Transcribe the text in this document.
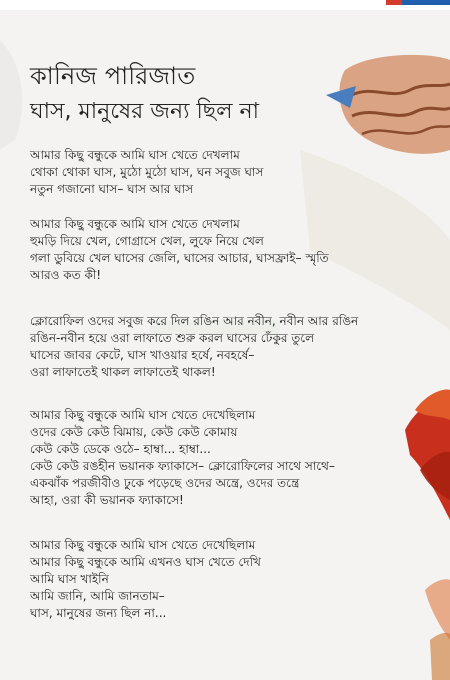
কানিজ পারিজাত
ঘাস, মানুষের জন্য ছিল না
আমার কিছু বন্ধুকে আমি ঘাস খেতে দেখলাম
থোকা থোকা ঘাস, মুঠো মুঠো ঘাস, ঘন সবুজ ঘাস
নতুন গজানো ঘাস– ঘাস আর ঘাস
আমার কিছু বন্ধুকে আমি ঘাস খেতে দেখলাম
হুমড়ি দিয়ে খেল, গোগ্রাসে খেল, লুফে নিয়ে খেল
গলা ডুবিয়ে খেল ঘাসের জেলি, ঘাসের আচার, ঘাসফ্রাই– স্মৃতি
আরও কত কী!
ক্লোরোফিল ওদের সবুজ করে দিল রঙিন আর নবীন, নবীন আর রঙিন
রঙিন-নবীন হয়ে ওরা লাফাতে শুরু করল ঘাসের ঢেঁকুর তুলে
ঘাসের জাবর কেটে, ঘাস খাওয়ার হর্ষে, নবহর্ষে–
ওরা লাফাতেই থাকল লাফাতেই থাকল!
আমার কিছু বন্ধুকে আমি ঘাস খেতে দেখেছিলাম
ওদের কেউ কেউ ঝিমায়, কেউ কেউ কোমায়
কেউ কেউ ডেকে ওঠে– হাম্বা... হাম্বা...
কেউ কেউ রঙহীন ভয়ানক ফ্যাকাসে– ক্লোরোফিলের সাথে সাথে–
একঝাঁক পরজীবীও ঢুকে পড়েছে ওদের অন্ত্রে, ওদের তন্ত্রে
আহা, ওরা কী ভয়ানক ফ্যাকাসে!
আমার কিছু বন্ধুকে আমি ঘাস খেতে দেখেছিলাম
আমার কিছু বন্ধুকে আমি এখনও ঘাস খেতে দেখি
আমি ঘাস খাইনি
আমি জানি, আমি জানতাম–
ঘাস, মানুষের জন্য ছিল না...
